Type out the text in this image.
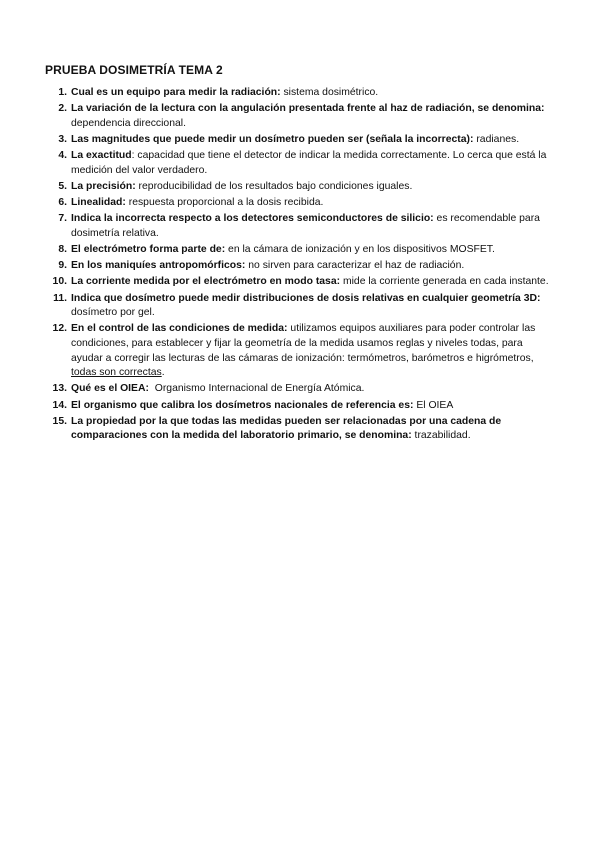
PRUEBA DOSIMETRÍA TEMA 2
1. Cual es un equipo para medir la radiación: sistema dosimétrico.
2. La variación de la lectura con la angulación presentada frente al haz de radiación, se denomina: dependencia direccional.
3. Las magnitudes que puede medir un dosímetro pueden ser (señala la incorrecta): radianes.
4. La exactitud: capacidad que tiene el detector de indicar la medida correctamente. Lo cerca que está la medición del valor verdadero.
5. La precisión: reproducibilidad de los resultados bajo condiciones iguales.
6. Linealidad: respuesta proporcional a la dosis recibida.
7. Indica la incorrecta respecto a los detectores semiconductores de silicio: es recomendable para dosimetría relativa.
8. El electrómetro forma parte de: en la cámara de ionización y en los dispositivos MOSFET.
9. En los maniquíes antropomórficos: no sirven para caracterizar el haz de radiación.
10. La corriente medida por el electrómetro en modo tasa: mide la corriente generada en cada instante.
11. Indica que dosímetro puede medir distribuciones de dosis relativas en cualquier geometría 3D: dosímetro por gel.
12. En el control de las condiciones de medida: utilizamos equipos auxiliares para poder controlar las condiciones, para establecer y fijar la geometría de la medida usamos reglas y niveles todas, para ayudar a corregir las lecturas de las cámaras de ionización: termómetros, barómetros e higrómetros, todas son correctas.
13. Qué es el OIEA:  Organismo Internacional de Energía Atómica.
14. El organismo que calibra los dosímetros nacionales de referencia es: El OIEA
15. La propiedad por la que todas las medidas pueden ser relacionadas por una cadena de comparaciones con la medida del laboratorio primario, se denomina: trazabilidad.
